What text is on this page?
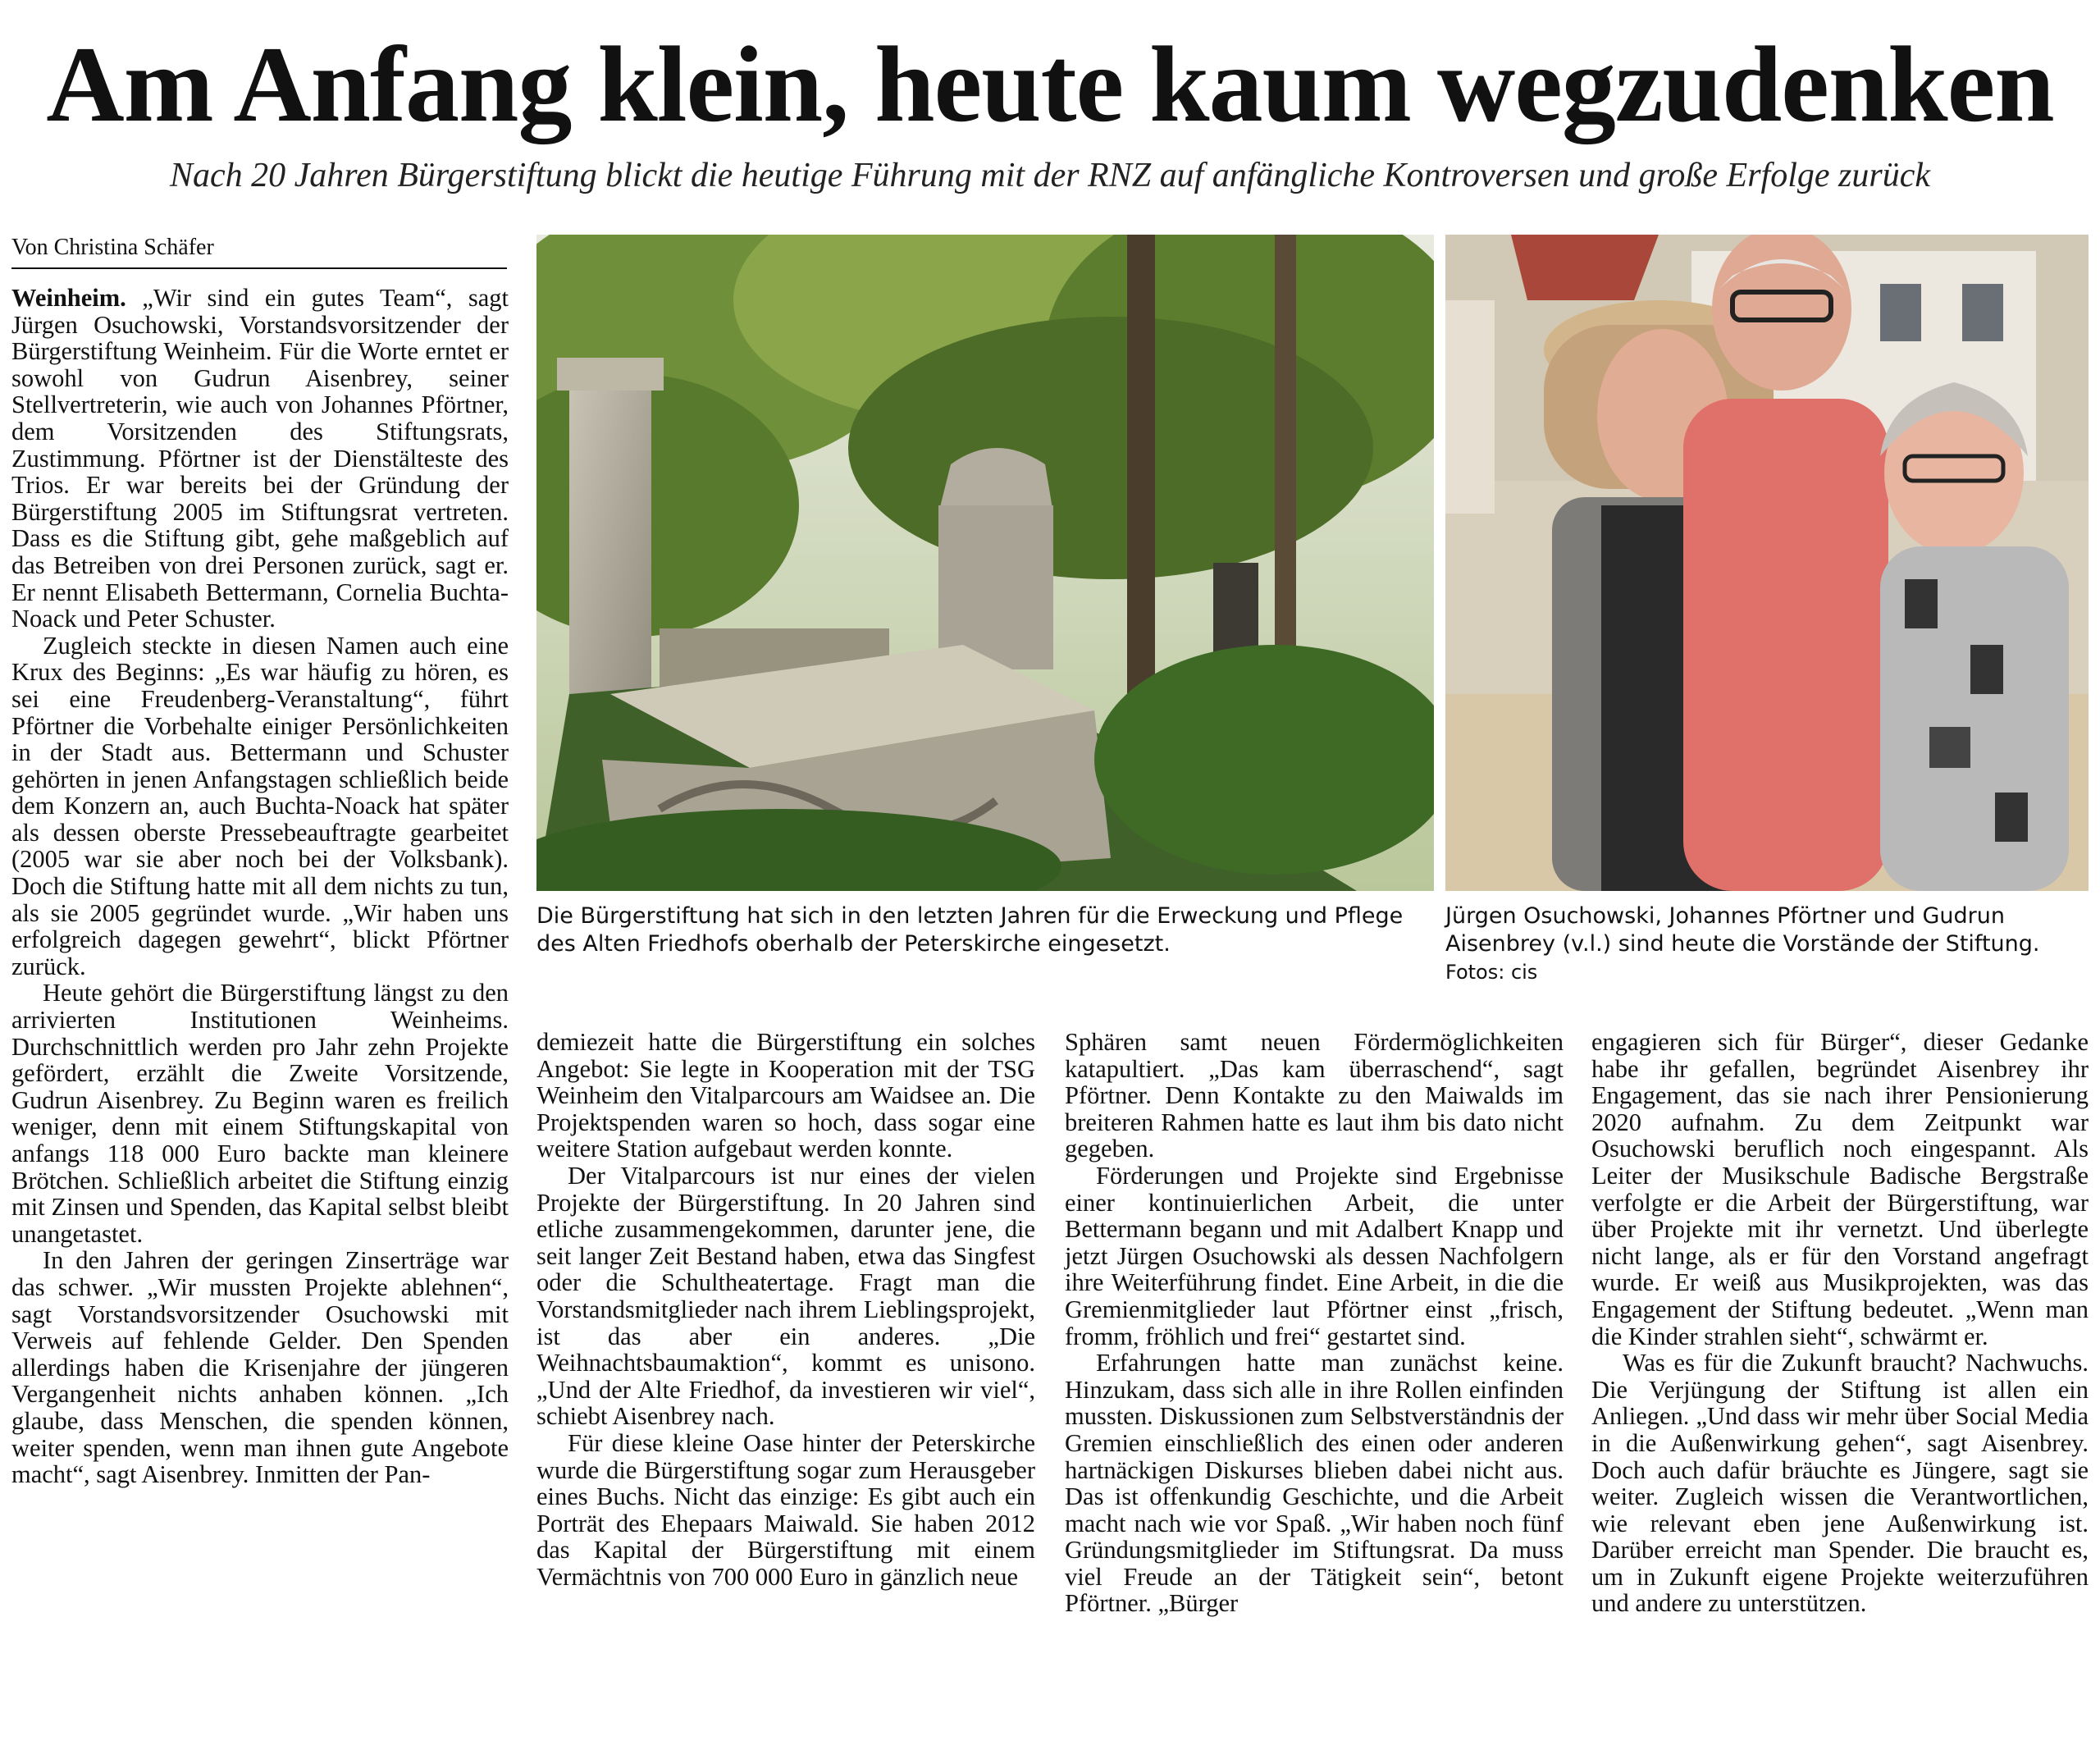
Am Anfang klein, heute kaum wegzudenken

Nach 20 Jahren Bürgerstiftung blickt die heutige Führung mit der RNZ auf anfängliche Kontroversen und große Erfolge zurück

Von Christina Schäfer

Weinheim. „Wir sind ein gutes Team“, sagt Jürgen Osuchowski, Vorstandsvorsitzender der Bürgerstiftung Weinheim. Für die Worte erntet er sowohl von Gudrun Aisenbrey, seiner Stellvertreterin, wie auch von Johannes Pförtner, dem Vorsitzenden des Stiftungsrats, Zustimmung. Pförtner ist der Dienstälteste des Trios. Er war bereits bei der Gründung der Bürgerstiftung 2005 im Stiftungsrat vertreten. Dass es die Stiftung gibt, gehe maßgeblich auf das Betreiben von drei Personen zurück, sagt er. Er nennt Elisabeth Bettermann, Cornelia Buchta-Noack und Peter Schuster.

Zugleich steckte in diesen Namen auch eine Krux des Beginns: „Es war häufig zu hören, es sei eine Freudenberg-Veranstaltung“, führt Pförtner die Vorbehalte einiger Persönlichkeiten in der Stadt aus. Bettermann und Schuster gehörten in jenen Anfangstagen schließlich beide dem Konzern an, auch Buchta-Noack hat später als dessen oberste Pressebeauftragte gearbeitet (2005 war sie aber noch bei der Volksbank). Doch die Stiftung hatte mit all dem nichts zu tun, als sie 2005 gegründet wurde. „Wir haben uns erfolgreich dagegen gewehrt“, blickt Pförtner zurück.

Heute gehört die Bürgerstiftung längst zu den arrivierten Institutionen Weinheims. Durchschnittlich werden pro Jahr zehn Projekte gefördert, erzählt die Zweite Vorsitzende, Gudrun Aisenbrey. Zu Beginn waren es freilich weniger, denn mit einem Stiftungskapital von anfangs 118 000 Euro backte man kleinere Brötchen. Schließlich arbeitet die Stiftung einzig mit Zinsen und Spenden, das Kapital selbst bleibt unangetastet.

In den Jahren der geringen Zinserträge war das schwer. „Wir mussten Projekte ablehnen“, sagt Vorstandsvorsitzender Osuchowski mit Verweis auf fehlende Gelder. Den Spenden allerdings haben die Krisenjahre der jüngeren Vergangenheit nichts anhaben können. „Ich glaube, dass Menschen, die spenden können, weiter spenden, wenn man ihnen gute Angebote macht“, sagt Aisenbrey. Inmitten der Pan-

Die Bürgerstiftung hat sich in den letzten Jahren für die Erweckung und Pflege des Alten Friedhofs oberhalb der Peterskirche eingesetzt.
Jürgen Osuchowski, Johannes Pförtner und Gudrun Aisenbrey (v.l.) sind heute die Vorstände der Stiftung. Fotos: cis

demiezeit hatte die Bürgerstiftung ein solches Angebot: Sie legte in Kooperation mit der TSG Weinheim den Vitalparcours am Waidsee an. Die Projektspenden waren so hoch, dass sogar eine weitere Station aufgebaut werden konnte.

Der Vitalparcours ist nur eines der vielen Projekte der Bürgerstiftung. In 20 Jahren sind etliche zusammengekommen, darunter jene, die seit langer Zeit Bestand haben, etwa das Singfest oder die Schultheatertage. Fragt man die Vorstandsmitglieder nach ihrem Lieblingsprojekt, ist das aber ein anderes. „Die Weihnachtsbaumaktion“, kommt es unisono. „Und der Alte Friedhof, da investieren wir viel“, schiebt Aisenbrey nach.

Für diese kleine Oase hinter der Peterskirche wurde die Bürgerstiftung sogar zum Herausgeber eines Buchs. Nicht das einzige: Es gibt auch ein Porträt des Ehepaars Maiwald. Sie haben 2012 das Kapital der Bürgerstiftung mit einem Vermächtnis von 700 000 Euro in gänzlich neue

Sphären samt neuen Fördermöglichkeiten katapultiert. „Das kam überraschend“, sagt Pförtner. Denn Kontakte zu den Maiwalds im breiteren Rahmen hatte es laut ihm bis dato nicht gegeben.

Förderungen und Projekte sind Ergebnisse einer kontinuierlichen Arbeit, die unter Bettermann begann und mit Adalbert Knapp und jetzt Jürgen Osuchowski als dessen Nachfolgern ihre Weiterführung findet. Eine Arbeit, in die die Gremienmitglieder laut Pförtner einst „frisch, fromm, fröhlich und frei“ gestartet sind.

Erfahrungen hatte man zunächst keine. Hinzukam, dass sich alle in ihre Rollen einfinden mussten. Diskussionen zum Selbstverständnis der Gremien einschließlich des einen oder anderen hartnäckigen Diskurses blieben dabei nicht aus. Das ist offenkundig Geschichte, und die Arbeit macht nach wie vor Spaß. „Wir haben noch fünf Gründungsmitglieder im Stiftungsrat. Da muss viel Freude an der Tätigkeit sein“, betont Pförtner. „Bürger

engagieren sich für Bürger“, dieser Gedanke habe ihr gefallen, begründet Aisenbrey ihr Engagement, das sie nach ihrer Pensionierung 2020 aufnahm. Zu dem Zeitpunkt war Osuchowski beruflich noch eingespannt. Als Leiter der Musikschule Badische Bergstraße verfolgte er die Arbeit der Bürgerstiftung, war über Projekte mit ihr vernetzt. Und überlegte nicht lange, als er für den Vorstand angefragt wurde. Er weiß aus Musikprojekten, was das Engagement der Stiftung bedeutet. „Wenn man die Kinder strahlen sieht“, schwärmt er.

Was es für die Zukunft braucht? Nachwuchs. Die Verjüngung der Stiftung ist allen ein Anliegen. „Und dass wir mehr über Social Media in die Außenwirkung gehen“, sagt Aisenbrey. Doch auch dafür bräuchte es Jüngere, sagt sie weiter. Zugleich wissen die Verantwortlichen, wie relevant eben jene Außenwirkung ist. Darüber erreicht man Spender. Die braucht es, um in Zukunft eigene Projekte weiterzuführen und andere zu unterstützen.
